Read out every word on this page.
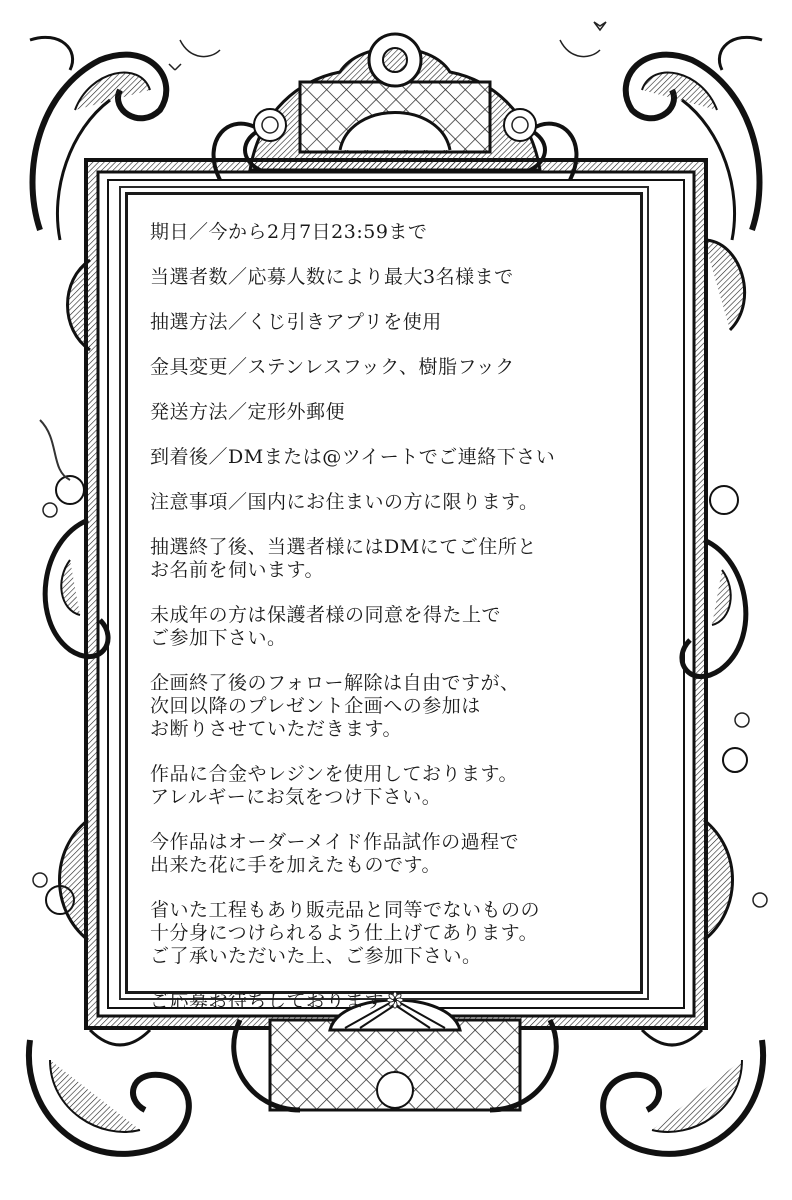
期日／今から2月7日23:59まで
当選者数／応募人数により最大3名様まで
抽選方法／くじ引きアプリを使用
金具変更／ステンレスフック、樹脂フック
発送方法／定形外郵便
到着後／DMまたは@ツイートでご連絡下さい
注意事項／国内にお住まいの方に限ります。
抽選終了後、当選者様にはDMにてご住所と
お名前を伺います。
未成年の方は保護者様の同意を得た上で
ご参加下さい。
企画終了後のフォロー解除は自由ですが、
次回以降のプレゼント企画への参加は
お断りさせていただきます。
作品に合金やレジンを使用しております。
アレルギーにお気をつけ下さい。
今作品はオーダーメイド作品試作の過程で
出来た花に手を加えたものです。
省いた工程もあり販売品と同等でないものの
十分身につけられるよう仕上げてあります。
ご了承いただいた上、ご参加下さい。
ご応募お待ちしております
